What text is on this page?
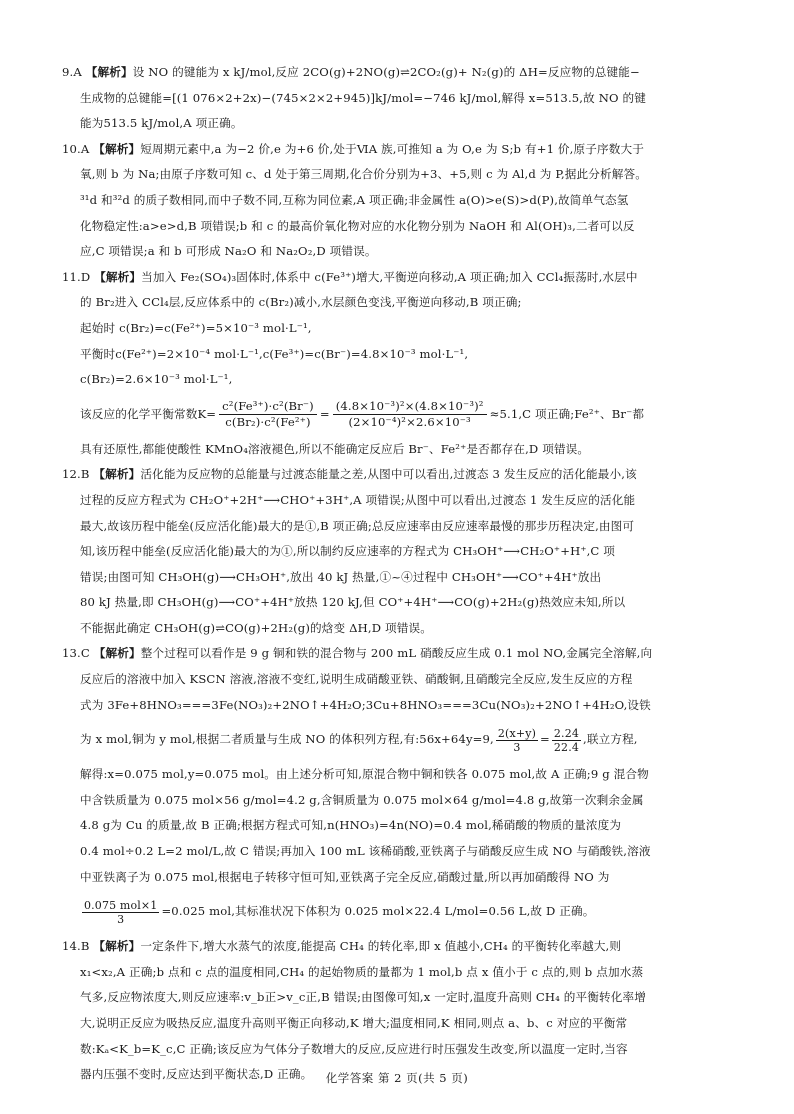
9.A 【解析】设 NO 的键能为 x kJ/mol,反应 2CO(g)+2NO(g)⇌2CO₂(g)+ N₂(g)的 ΔH=反应物的总键能−
生成物的总键能=[(1 076×2+2x)−(745×2×2+945)]kJ/mol=−746 kJ/mol,解得 x=513.5,故 NO 的键
能为513.5 kJ/mol,A 项正确。
10.A 【解析】短周期元素中,a 为−2 价,e 为+6 价,处于ⅥA 族,可推知 a 为 O,e 为 S;b 有+1 价,原子序数大于
氧,则 b 为 Na;由原子序数可知 c、d 处于第三周期,化合价分别为+3、+5,则 c 为 Al,d 为 P,据此分析解答。
³¹d 和³²d 的质子数相同,而中子数不同,互称为同位素,A 项正确;非金属性 a(O)>e(S)>d(P),故简单气态氢
化物稳定性:a>e>d,B 项错误;b 和 c 的最高价氧化物对应的水化物分别为 NaOH 和 Al(OH)₃,二者可以反
应,C 项错误;a 和 b 可形成 Na₂O 和 Na₂O₂,D 项错误。
11.D 【解析】当加入 Fe₂(SO₄)₃固体时,体系中 c(Fe³⁺)增大,平衡逆向移动,A 项正确;加入 CCl₄振荡时,水层中
的 Br₂进入 CCl₄层,反应体系中的 c(Br₂)减小,水层颜色变浅,平衡逆向移动,B 项正确;
起始时 c(Br₂)=c(Fe²⁺)=5×10⁻³ mol·L⁻¹,
平衡时c(Fe²⁺)=2×10⁻⁴ mol·L⁻¹,c(Fe³⁺)=c(Br⁻)=4.8×10⁻³ mol·L⁻¹,
c(Br₂)=2.6×10⁻³ mol·L⁻¹,
该反应的化学平衡常数$K= \frac{\text{c²(Fe³⁺)·c²(Br⁻)}}{\text{c(Br₂)·c²(Fe²⁺)}} = \frac{\text{(4.8×10⁻³)²×(4.8×10⁻³)²}}{\text{(2×10⁻⁴)²×2.6×10⁻³}} \approx 5.1,C$ 项正确;Fe²⁺、Br⁻都
具有还原性,都能使酸性 KMnO₄溶液褪色,所以不能确定反应后 Br⁻、Fe²⁺是否都存在,D 项错误。
12.B 【解析】活化能为反应物的总能量与过渡态能量之差,从图中可以看出,过渡态 3 发生反应的活化能最小,该
过程的反应方程式为 CH₂O⁺+2H⁺⟶CHO⁺+3H⁺,A 项错误;从图中可以看出,过渡态 1 发生反应的活化能
最大,故该历程中能垒(反应活化能)最大的是①,B 项正确;总反应速率由反应速率最慢的那步历程决定,由图可
知,该历程中能垒(反应活化能)最大的为①,所以制约反应速率的方程式为 CH₃OH⁺⟶CH₂O⁺+H⁺,C 项
错误;由图可知 CH₃OH(g)⟶CH₃OH⁺,放出 40 kJ 热量,①~④过程中 CH₃OH⁺⟶CO⁺+4H⁺放出
80 kJ 热量,即 CH₃OH(g)⟶CO⁺+4H⁺放热 120 kJ,但 CO⁺+4H⁺⟶CO(g)+2H₂(g)热效应未知,所以
不能据此确定 CH₃OH(g)⇌CO(g)+2H₂(g)的焓变 ΔH,D 项错误。
13.C 【解析】整个过程可以看作是 9 g 铜和铁的混合物与 200 mL 硝酸反应生成 0.1 mol NO,金属完全溶解,向
反应后的溶液中加入 KSCN 溶液,溶液不变红,说明生成硝酸亚铁、硝酸铜,且硝酸完全反应,发生反应的方程
式为 3Fe+8HNO₃===3Fe(NO₃)₂+2NO↑+4H₂O;3Cu+8HNO₃===3Cu(NO₃)₂+2NO↑+4H₂O,设铁
为 x mol,铜为 y mol,根据二者质量与生成 NO 的体积列方程,有:56x+64y=9, $\frac{2(x+y)}{3} = \frac{2.24}{22.4}$ ,联立方程,
解得:x=0.075 mol,y=0.075 mol。由上述分析可知,原混合物中铜和铁各 0.075 mol,故 A 正确;9 g 混合物
中含铁质量为 0.075 mol×56 g/mol=4.2 g,含铜质量为 0.075 mol×64 g/mol=4.8 g,故第一次剩余金属
4.8 g为 Cu 的质量,故 B 正确;根据方程式可知,n(HNO₃)=4n(NO)=0.4 mol,稀硝酸的物质的量浓度为
0.4 mol÷0.2 L=2 mol/L,故 C 错误;再加入 100 mL 该稀硝酸,亚铁离子与硝酸反应生成 NO 与硝酸铁,溶液
中亚铁离子为 0.075 mol,根据电子转移守恒可知,亚铁离子完全反应,硝酸过量,所以再加硝酸得 NO 为
$\frac{\text{0.075 mol×1}}{3} =0.025$ mol,其标准状况下体积为 0.025 mol×22.4 L/mol=0.56 L,故 D 正确。
14.B 【解析】一定条件下,增大水蒸气的浓度,能提高 CH₄ 的转化率,即 x 值越小,CH₄ 的平衡转化率越大,则
x₁<x₂,A 正确;b 点和 c 点的温度相同,CH₄ 的起始物质的量都为 1 mol,b 点 x 值小于 c 点的,则 b 点加水蒸
气多,反应物浓度大,则反应速率:v_b正>v_c正,B 错误;由图像可知,x 一定时,温度升高则 CH₄ 的平衡转化率增
大,说明正反应为吸热反应,温度升高则平衡正向移动,K 增大;温度相同,K 相同,则点 a、b、c 对应的平衡常
数:Kₐ<K_b=K_c,C 正确;该反应为气体分子数增大的反应,反应进行时压强发生改变,所以温度一定时,当容
器内压强不变时,反应达到平衡状态,D 正确。	化学答案 第 2 页(共 5 页)
